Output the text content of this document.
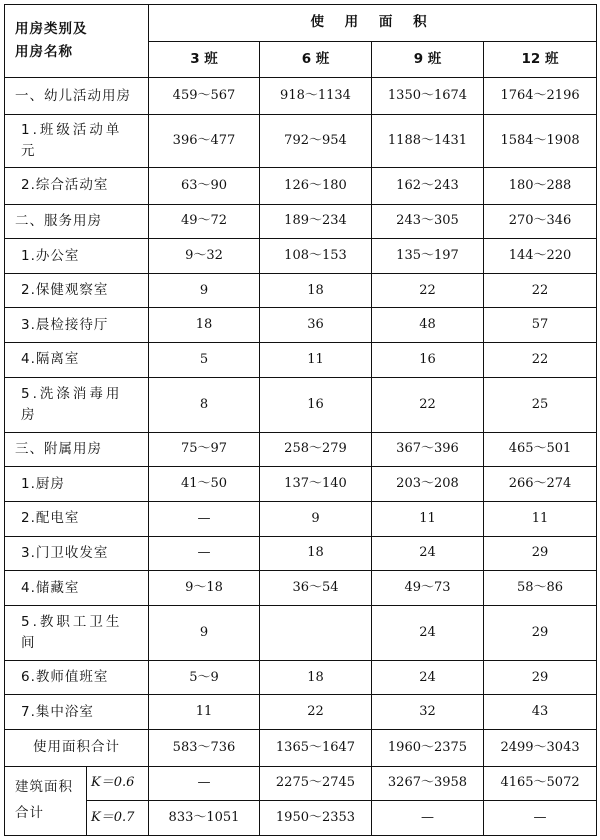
用房类别及
用房名称		使 用 面 积			
		3 班	6 班	9 班	12 班
一、幼儿活动用房		459～567	918～1134	1350～1674	1764～2196
1.班级活动单
元		396～477	792～954	1188～1431	1584～1908
2.综合活动室		63～90	126～180	162～243	180～288
二、服务用房		49～72	189～234	243～305	270～346
1.办公室		9～32	108～153	135～197	144～220
2.保健观察室		9	18	22	22
3.晨检接待厅		18	36	48	57
4.隔离室		5	11	16	22
5.洗涤消毒用
房		8	16	22	25
三、附属用房		75～97	258～279	367～396	465～501
1.厨房		41～50	137～140	203～208	266～274
2.配电室		—	9	11	11
3.门卫收发室		—	18	24	29
4.储藏室		9～18	36～54	49～73	58～86
5.教职工卫生
间		9		24	29
6.教师值班室		5～9	18	24	29
7.集中浴室		11	22	32	43
使用面积合计		583～736	1365～1647	1960～2375	2499～3043
建筑面积
合计	K＝0.6	—	2275～2745	3267～3958	4165～5072
	K＝0.7	833～1051	1950～2353	—	—
